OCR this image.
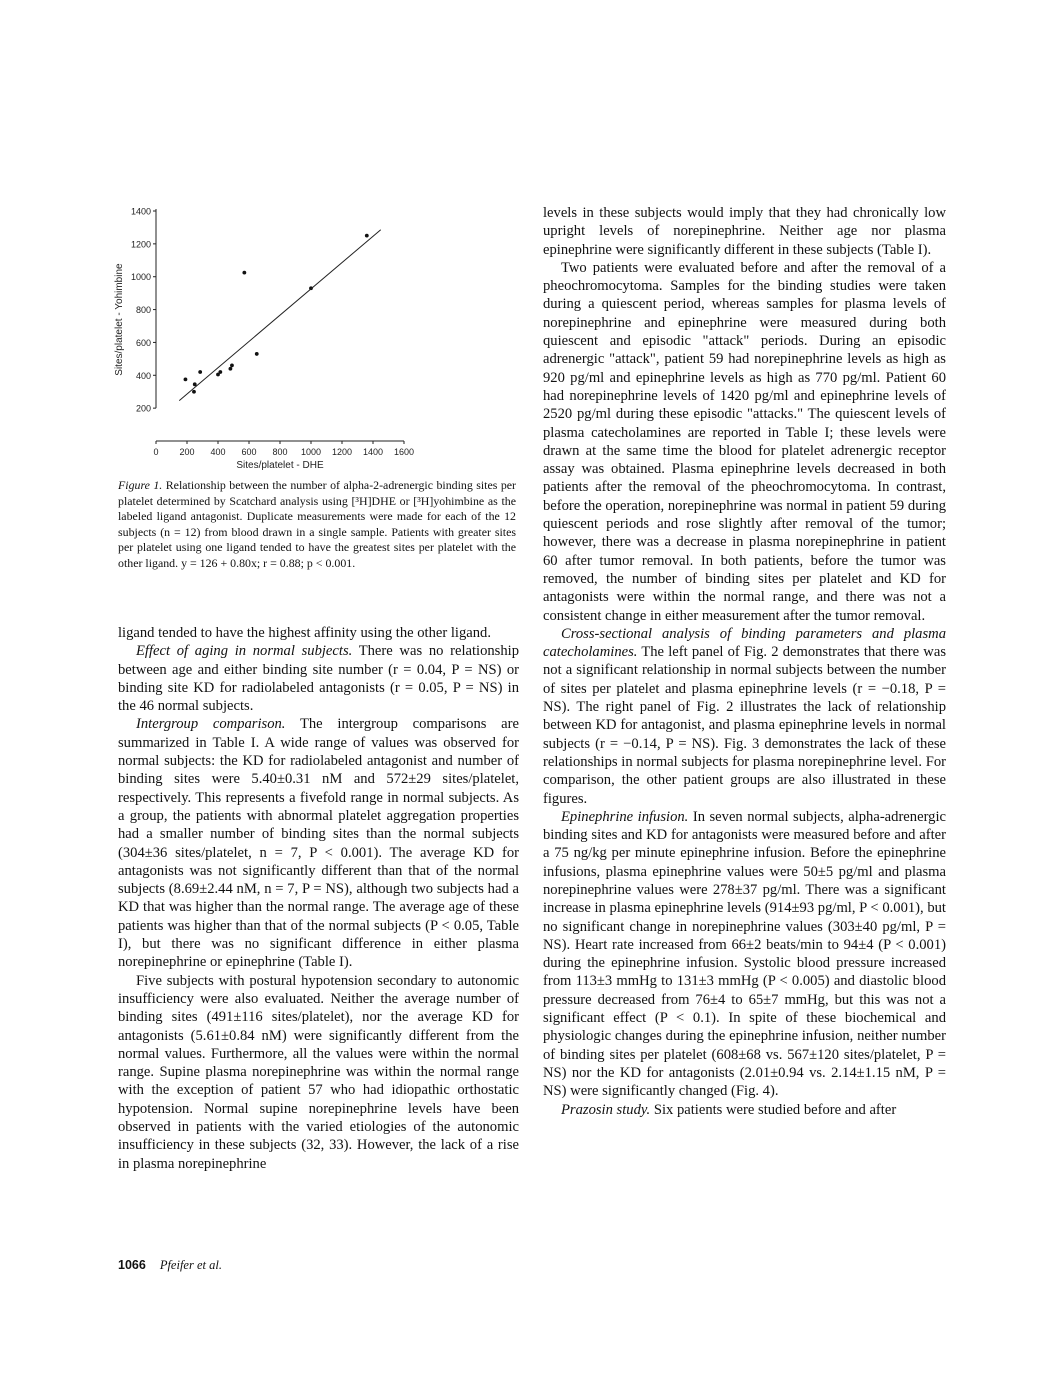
200
400
600
800
1000
1200
1400
0 200 400 600 800 1000 1200 1400 1600
Sites/platelet - DHE
Sites/platelet - Yohimbine
Figure 1. Relationship between the number of alpha-2-adrenergic binding sites per platelet determined by Scatchard analysis using [³H]DHE or [³H]yohimbine as the labeled ligand antagonist. Duplicate measurements were made for each of the 12 subjects (n = 12) from blood drawn in a single sample. Patients with greater sites per platelet using one ligand tended to have the greatest sites per platelet with the other ligand. y = 126 + 0.80x; r = 0.88; p < 0.001.

ligand tended to have the highest affinity using the other ligand.

Effect of aging in normal subjects. There was no relationship between age and either binding site number (r = 0.04, P = NS) or binding site KD for radiolabeled antagonists (r = 0.05, P = NS) in the 46 normal subjects.

Intergroup comparison. The intergroup comparisons are summarized in Table I. A wide range of values was observed for normal subjects: the KD for radiolabeled antagonist and number of binding sites were 5.40±0.31 nM and 572±29 sites/platelet, respectively. This represents a fivefold range in normal subjects. As a group, the patients with abnormal platelet aggregation properties had a smaller number of binding sites than the normal subjects (304±36 sites/platelet, n = 7, P < 0.001). The average KD for antagonists was not significantly different than that of the normal subjects (8.69±2.44 nM, n = 7, P = NS), although two subjects had a KD that was higher than the normal range. The average age of these patients was higher than that of the normal subjects (P < 0.05, Table I), but there was no significant difference in either plasma norepinephrine or epinephrine (Table I).

Five subjects with postural hypotension secondary to autonomic insufficiency were also evaluated. Neither the average number of binding sites (491±116 sites/platelet), nor the average KD for antagonists (5.61±0.84 nM) were significantly different from the normal values. Furthermore, all the values were within the normal range. Supine plasma norepinephrine was within the normal range with the exception of patient 57 who had idiopathic orthostatic hypotension. Normal supine norepinephrine levels have been observed in patients with the varied etiologies of the autonomic insufficiency in these subjects (32, 33). However, the lack of a rise in plasma norepinephrine

levels in these subjects would imply that they had chronically low upright levels of norepinephrine. Neither age nor plasma epinephrine were significantly different in these subjects (Table I).

Two patients were evaluated before and after the removal of a pheochromocytoma. Samples for the binding studies were taken during a quiescent period, whereas samples for plasma levels of norepinephrine and epinephrine were measured during both quiescent and episodic "attack" periods. During an episodic adrenergic "attack", patient 59 had norepinephrine levels as high as 920 pg/ml and epinephrine levels as high as 770 pg/ml. Patient 60 had norepinephrine levels of 1420 pg/ml and epinephrine levels of 2520 pg/ml during these episodic "attacks." The quiescent levels of plasma catecholamines are reported in Table I; these levels were drawn at the same time the blood for platelet adrenergic receptor assay was obtained. Plasma epinephrine levels decreased in both patients after the removal of the pheochromocytoma. In contrast, before the operation, norepinephrine was normal in patient 59 during quiescent periods and rose slightly after removal of the tumor; however, there was a decrease in plasma norepinephrine in patient 60 after tumor removal. In both patients, before the tumor was removed, the number of binding sites per platelet and KD for antagonists were within the normal range, and there was not a consistent change in either measurement after the tumor removal.

Cross-sectional analysis of binding parameters and plasma catecholamines. The left panel of Fig. 2 demonstrates that there was not a significant relationship in normal subjects between the number of sites per platelet and plasma epinephrine levels (r = −0.18, P = NS). The right panel of Fig. 2 illustrates the lack of relationship between KD for antagonist, and plasma epinephrine levels in normal subjects (r = −0.14, P = NS). Fig. 3 demonstrates the lack of these relationships in normal subjects for plasma norepinephrine level. For comparison, the other patient groups are also illustrated in these figures.

Epinephrine infusion. In seven normal subjects, alpha-adrenergic binding sites and KD for antagonists were measured before and after a 75 ng/kg per minute epinephrine infusion. Before the epinephrine infusions, plasma epinephrine values were 50±5 pg/ml and plasma norepinephrine values were 278±37 pg/ml. There was a significant increase in plasma epinephrine levels (914±93 pg/ml, P < 0.001), but no significant change in norepinephrine values (303±40 pg/ml, P = NS). Heart rate increased from 66±2 beats/min to 94±4 (P < 0.001) during the epinephrine infusion. Systolic blood pressure increased from 113±3 mmHg to 131±3 mmHg (P < 0.005) and diastolic blood pressure decreased from 76±4 to 65±7 mmHg, but this was not a significant effect (P < 0.1). In spite of these biochemical and physiologic changes during the epinephrine infusion, neither number of binding sites per platelet (608±68 vs. 567±120 sites/platelet, P = NS) nor the KD for antagonists (2.01±0.94 vs. 2.14±1.15 nM, P = NS) were significantly changed (Fig. 4).

Prazosin study. Six patients were studied before and after

1066 Pfeifer et al.
